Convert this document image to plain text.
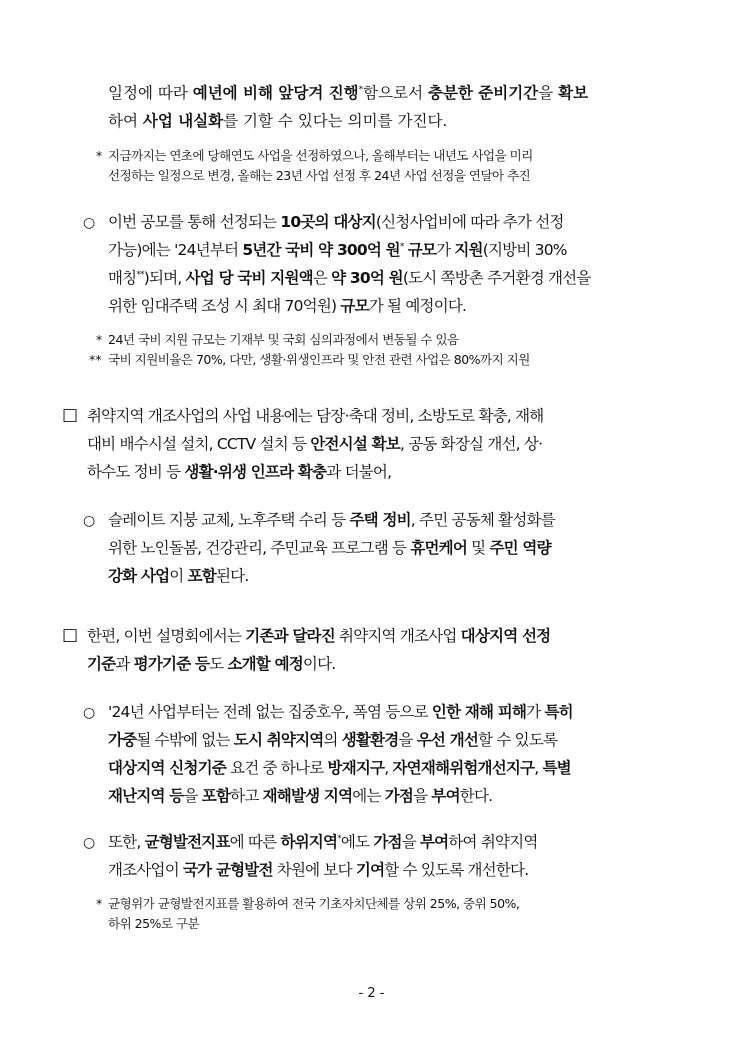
일정에 따라 예년에 비해 앞당겨 진행*함으로서 충분한 준비기간을 확보
하여 사업 내실화를 기할 수 있다는 의미를 가진다.
* 지금까지는 연초에 당해연도 사업을 선정하였으나, 올해부터는 내년도 사업을 미리
선정하는 일정으로 변경, 올해는 23년 사업 선정 후 24년 사업 선정을 연달아 추진
○ 이번 공모를 통해 선정되는 10곳의 대상지(신청사업비에 따라 추가 선정
가능)에는 '24년부터 5년간 국비 약 300억 원* 규모가 지원(지방비 30%
매칭**)되며, 사업 당 국비 지원액은 약 30억 원(도시 쪽방촌 주거환경 개선을
위한 임대주택 조성 시 최대 70억원) 규모가 될 예정이다.
* 24년 국비 지원 규모는 기재부 및 국회 심의과정에서 변동될 수 있음
** 국비 지원비율은 70%, 다만, 생활·위생인프라 및 안전 관련 사업은 80%까지 지원
□ 취약지역 개조사업의 사업 내용에는 담장·축대 정비, 소방도로 확충, 재해
대비 배수시설 설치, CCTV 설치 등 안전시설 확보, 공동 화장실 개선, 상·
하수도 정비 등 생활·위생 인프라 확충과 더불어,
○ 슬레이트 지붕 교체, 노후주택 수리 등 주택 정비, 주민 공동체 활성화를
위한 노인돌봄, 건강관리, 주민교육 프로그램 등 휴먼케어 및 주민 역량
강화 사업이 포함된다.
□ 한편, 이번 설명회에서는 기존과 달라진 취약지역 개조사업 대상지역 선정
기준과 평가기준 등도 소개할 예정이다.
○ '24년 사업부터는 전례 없는 집중호우, 폭염 등으로 인한 재해 피해가 특히
가중될 수밖에 없는 도시 취약지역의 생활환경을 우선 개선할 수 있도록
대상지역 신청기준 요건 중 하나로 방재지구, 자연재해위험개선지구, 특별
재난지역 등을 포함하고 재해발생 지역에는 가점을 부여한다.
○ 또한, 균형발전지표에 따른 하위지역*에도 가점을 부여하여 취약지역
개조사업이 국가 균형발전 차원에 보다 기여할 수 있도록 개선한다.
* 균형위가 균형발전지표를 활용하여 전국 기초자치단체를 상위 25%, 중위 50%,
하위 25%로 구분
- 2 -
